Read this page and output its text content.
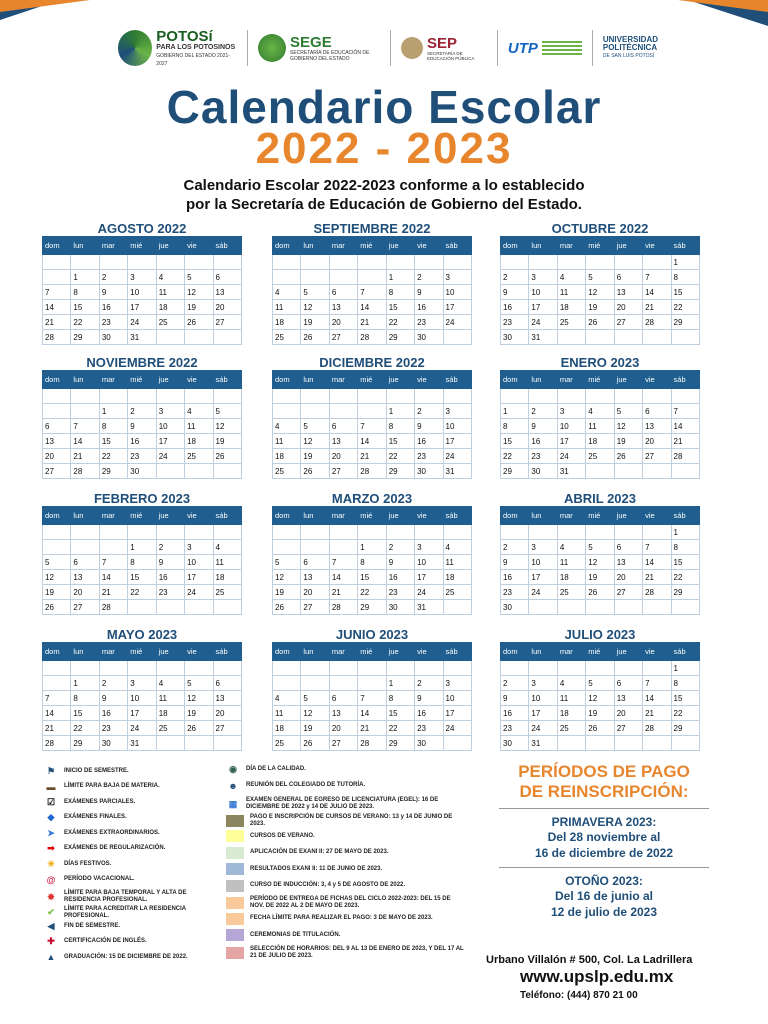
POTOSí
PARA LOS POTOSINOS
GOBIERNO DEL ESTADO 2021-2027
SEGE
SECRETARÍA DE EDUCACIÓN DE GOBIERNO DEL ESTADO
SEP
SECRETARÍA DE EDUCACIÓN PÚBLICA
UTP	UNIVERSIDAD
POLITÉCNICA
DE SAN LUIS POTOSÍ
Calendario Escolar
2022 - 2023
Calendario Escolar 2022-2023 conforme a lo establecido
por la Secretaría de Educación de Gobierno del Estado.
AGOSTO 2022
dom	lun	mar	mié	jue	vie	sáb

	1	2	3	4	5	6
7	8	9	10	11	12	13
14	15	16	17	18	19	20
21	22	23	24	25	26	27
28	29	30	31			
SEPTIEMBRE 2022
dom	lun	mar	mié	jue	vie	sáb

				1	2	3
4	5	6	7	8	9	10
11	12	13	14	15	16	17
18	19	20	21	22	23	24
25	26	27	28	29	30	
OCTUBRE 2022
dom	lun	mar	mié	jue	vie	sáb
						1
2	3	4	5	6	7	8
9	10	11	12	13	14	15
16	17	18	19	20	21	22
23	24	25	26	27	28	29
30	31					
NOVIEMBRE 2022
dom	lun	mar	mié	jue	vie	sáb

		1	2	3	4	5
6	7	8	9	10	11	12
13	14	15	16	17	18	19
20	21	22	23	24	25	26
27	28	29	30			
DICIEMBRE 2022
dom	lun	mar	mié	jue	vie	sáb

				1	2	3
4	5	6	7	8	9	10
11	12	13	14	15	16	17
18	19	20	21	22	23	24
25	26	27	28	29	30	31
ENERO 2023
dom	lun	mar	mié	jue	vie	sáb

1	2	3	4	5	6	7
8	9	10	11	12	13	14
15	16	17	18	19	20	21
22	23	24	25	26	27	28
29	30	31				
FEBRERO 2023
dom	lun	mar	mié	jue	vie	sáb

			1	2	3	4
5	6	7	8	9	10	11
12	13	14	15	16	17	18
19	20	21	22	23	24	25
26	27	28				
MARZO 2023
dom	lun	mar	mié	jue	vie	sáb

			1	2	3	4
5	6	7	8	9	10	11
12	13	14	15	16	17	18
19	20	21	22	23	24	25
26	27	28	29	30	31	
ABRIL 2023
dom	lun	mar	mié	jue	vie	sáb
						1
2	3	4	5	6	7	8
9	10	11	12	13	14	15
16	17	18	19	20	21	22
23	24	25	26	27	28	29
30						
MAYO 2023
dom	lun	mar	mié	jue	vie	sáb

	1	2	3	4	5	6
7	8	9	10	11	12	13
14	15	16	17	18	19	20
21	22	23	24	25	26	27
28	29	30	31			
JUNIO 2023
dom	lun	mar	mié	jue	vie	sáb

				1	2	3
4	5	6	7	8	9	10
11	12	13	14	15	16	17
18	19	20	21	22	23	24
25	26	27	28	29	30	
JULIO 2023
dom	lun	mar	mié	jue	vie	sáb
						1
2	3	4	5	6	7	8
9	10	11	12	13	14	15
16	17	18	19	20	21	22
23	24	25	26	27	28	29
30	31					
⚑	INICIO DE SEMESTRE.
▬	LÍMITE PARA BAJA DE MATERIA.
☑	EXÁMENES PARCIALES.
◆	EXÁMENES FINALES.
➤	EXÁMENES EXTRAORDINARIOS.
➡	EXÁMENES DE REGULARIZACIÓN.
☀	DÍAS FESTIVOS.
@	PERÍODO VACACIONAL.
✸	LÍMITE PARA BAJA TEMPORAL Y ALTA DE RESIDENCIA PROFESIONAL.
✔	LÍMITE PARA ACREDITAR LA RESIDENCIA PROFESIONAL.
◀	FIN DE SEMESTRE.
✚	CERTIFICACIÓN DE INGLÉS.
▲	GRADUACIÓN: 15 DE DICIEMBRE DE 2022.
◉	DÍA DE LA CALIDAD.
☻	REUNIÓN DEL COLEGIADO DE TUTORÍA.
▦	EXAMEN GENERAL DE EGRESO DE LICENCIATURA (EGEL): 16 DE DICIEMBRE DE 2022 y 14 DE JULIO DE 2023.
PAGO E INSCRIPCIÓN DE CURSOS DE VERANO: 13 y 14 DE JUNIO DE 2023.
CURSOS DE VERANO.
APLICACIÓN DE EXANI II: 27 DE MAYO DE 2023.
RESULTADOS EXANI II: 11 DE JUNIO DE 2023.
CURSO DE INDUCCIÓN: 3, 4 y 5 DE AGOSTO DE 2022.
PERÍODO DE ENTREGA DE FICHAS DEL CICLO 2022-2023: DEL 15 DE NOV. DE 2022 AL 2 DE MAYO DE 2023.
FECHA LÍMITE PARA REALIZAR EL PAGO: 3 DE MAYO DE 2023.
CEREMONIAS DE TITULACIÓN.
SELECCIÓN DE HORARIOS: DEL 9 AL 13 DE ENERO DE 2023, Y DEL 17 AL 21 DE JULIO DE 2023.
PERÍODOS DE PAGO
DE REINSCRIPCIÓN:
PRIMAVERA 2023:
Del 28 noviembre al
16 de diciembre de 2022
OTOÑO 2023:
Del 16 de junio al
12 de julio de 2023
Urbano Villalón # 500, Col. La Ladrillera
www.upslp.edu.mx
Teléfono: (444) 870 21 00
